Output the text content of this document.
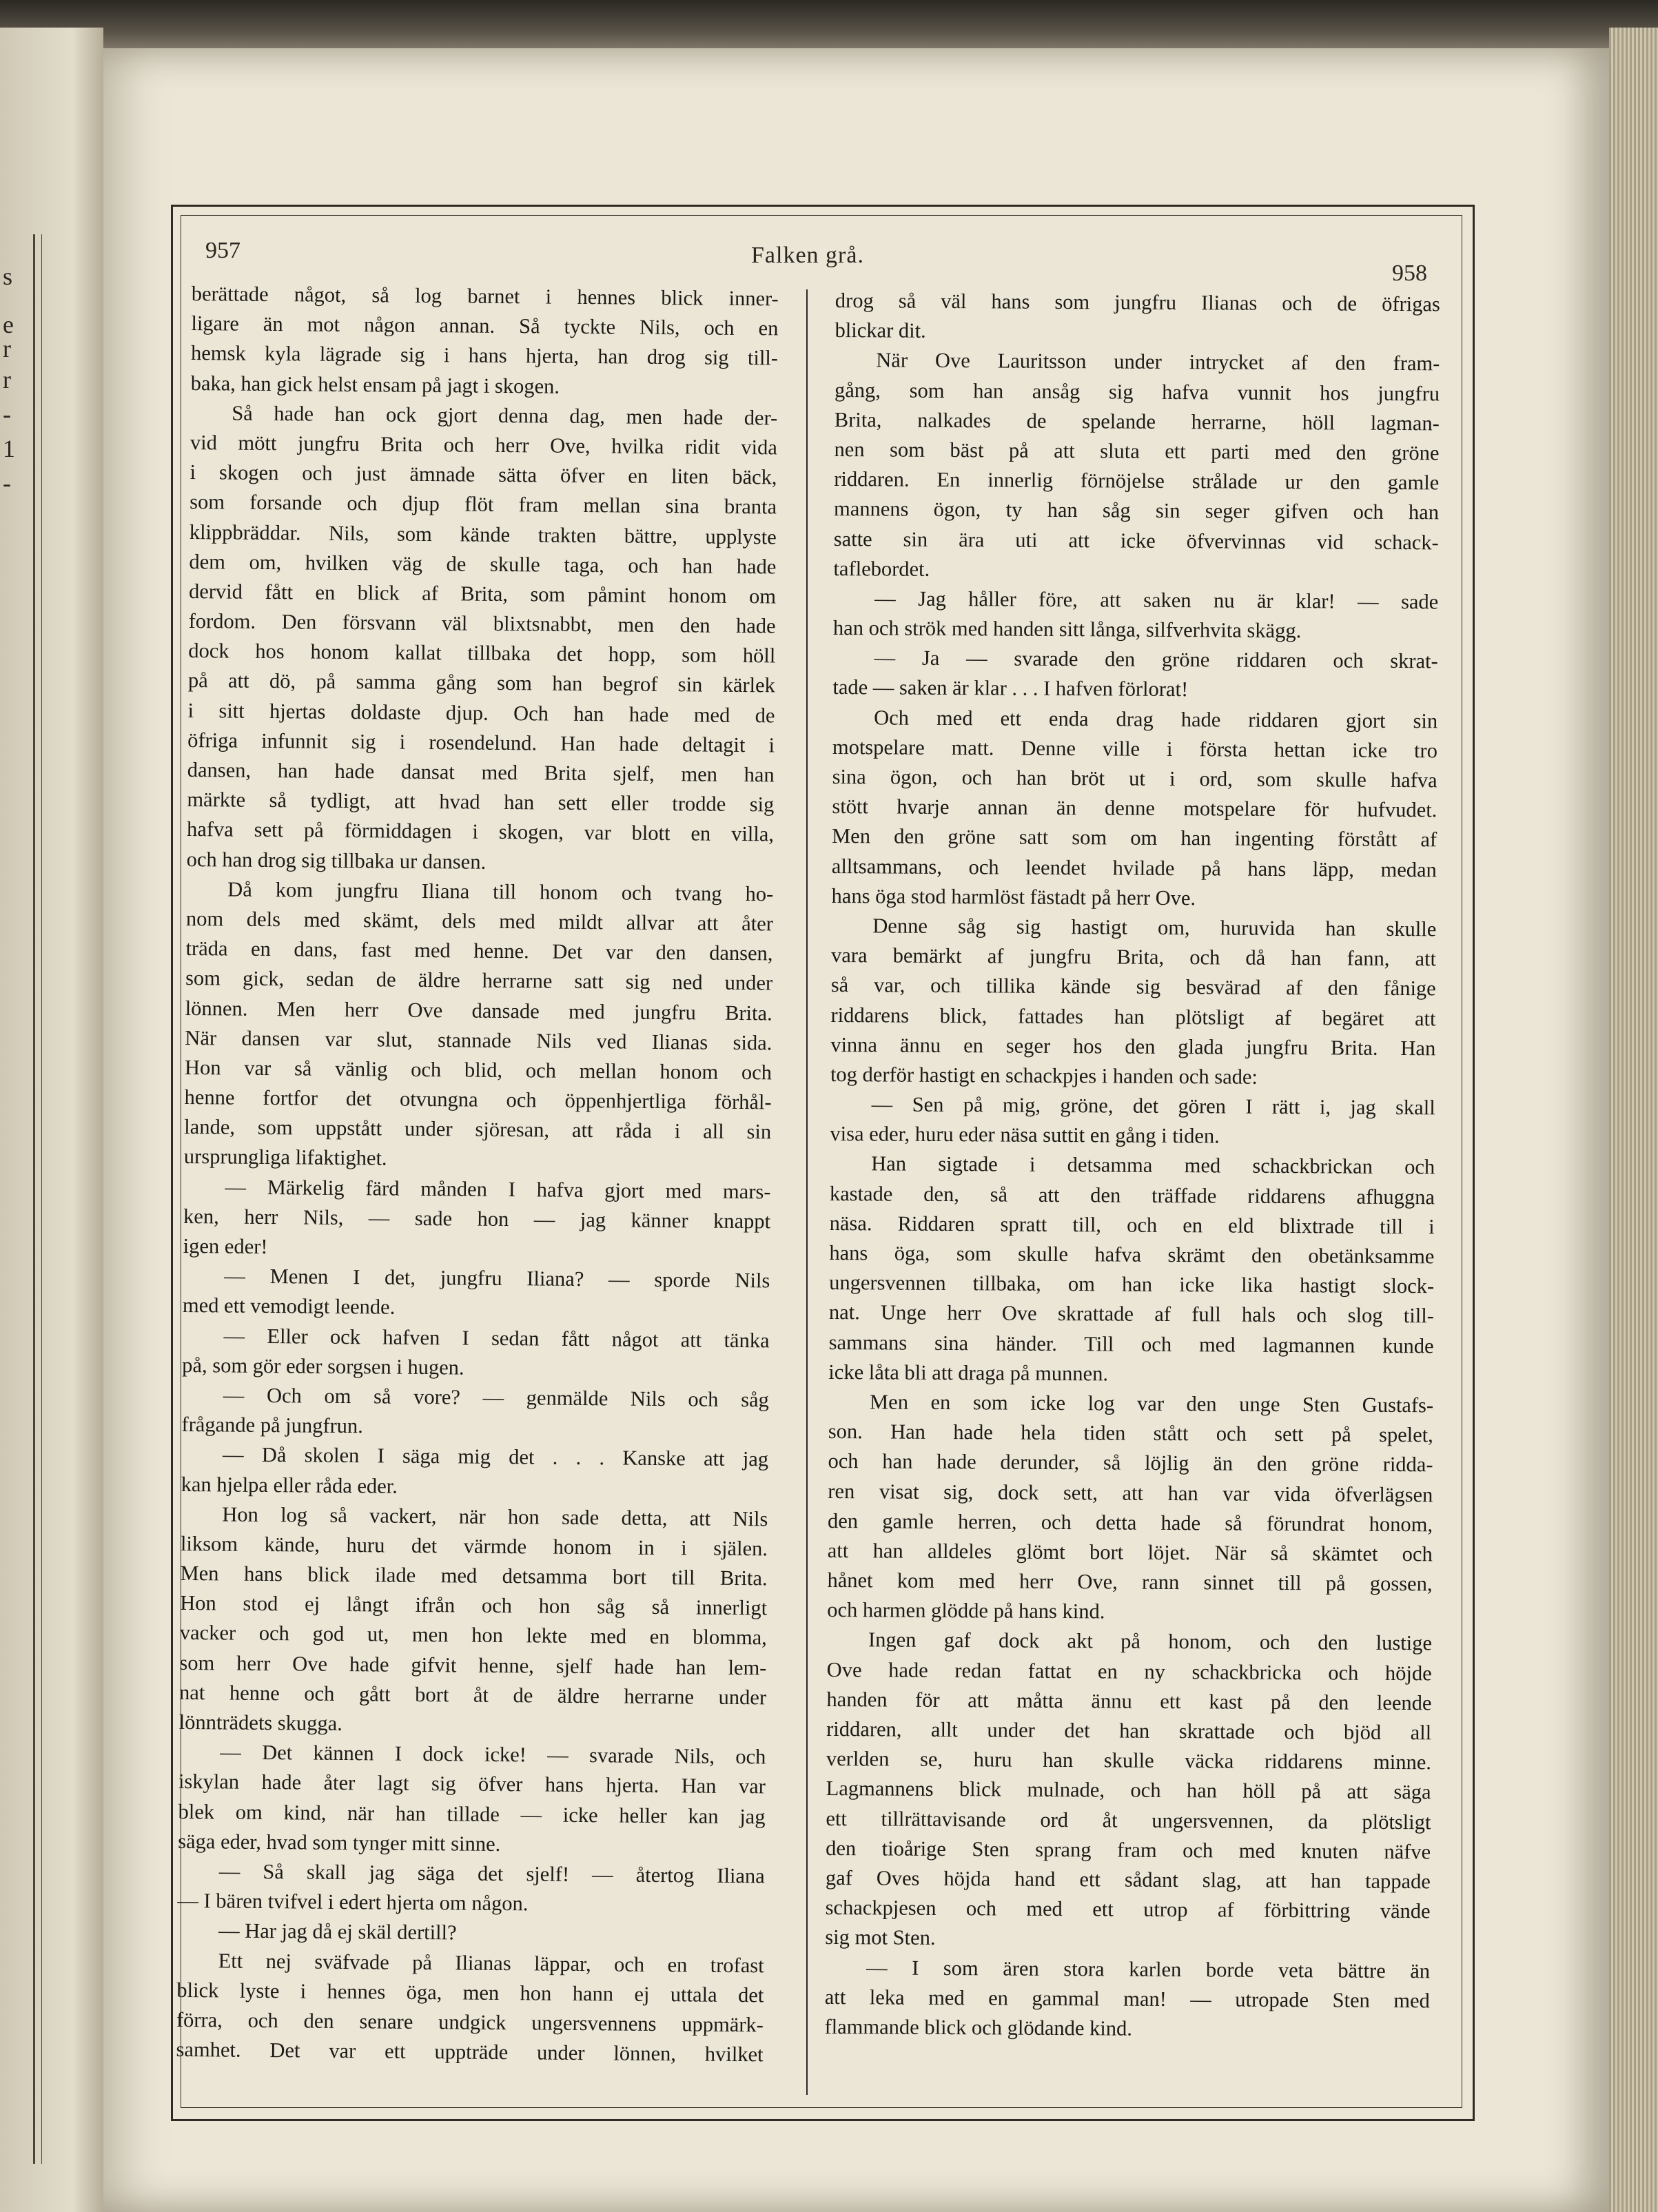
s
e
r
r
-
1
-
957	Falken grå.
958
berättade något, så log barnet i hennes blick inner-
ligare än mot någon annan. Så tyckte Nils, och en
hemsk kyla lägrade sig i hans hjerta, han drog sig till-
baka, han gick helst ensam på jagt i skogen.
Så hade han ock gjort denna dag, men hade der-
vid mött jungfru Brita och herr Ove, hvilka ridit vida
i skogen och just ämnade sätta öfver en liten bäck,
som forsande och djup flöt fram mellan sina branta
klippbräddar. Nils, som kände trakten bättre, upplyste
dem om, hvilken väg de skulle taga, och han hade
dervid fått en blick af Brita, som påmint honom om
fordom. Den försvann väl blixtsnabbt, men den hade
dock hos honom kallat tillbaka det hopp, som höll
på att dö, på samma gång som han begrof sin kärlek
i sitt hjertas doldaste djup. Och han hade med de
öfriga infunnit sig i rosendelund. Han hade deltagit i
dansen, han hade dansat med Brita sjelf, men han
märkte så tydligt, att hvad han sett eller trodde sig
hafva sett på förmiddagen i skogen, var blott en villa,
och han drog sig tillbaka ur dansen.
Då kom jungfru Iliana till honom och tvang ho-
nom dels med skämt, dels med mildt allvar att åter
träda en dans, fast med henne. Det var den dansen,
som gick, sedan de äldre herrarne satt sig ned under
lönnen. Men herr Ove dansade med jungfru Brita.
När dansen var slut, stannade Nils ved Ilianas sida.
Hon var så vänlig och blid, och mellan honom och
henne fortfor det otvungna och öppenhjertliga förhål-
lande, som uppstått under sjöresan, att råda i all sin
ursprungliga lifaktighet.
— Märkelig färd månden I hafva gjort med mars-
ken, herr Nils, — sade hon — jag känner knappt
igen eder!
— Menen I det, jungfru Iliana? — sporde Nils
med ett vemodigt leende.
— Eller ock hafven I sedan fått något att tänka
på, som gör eder sorgsen i hugen.
— Och om så vore? — genmälde Nils och såg
frågande på jungfrun.
— Då skolen I säga mig det . . . Kanske att jag
kan hjelpa eller råda eder.
Hon log så vackert, när hon sade detta, att Nils
liksom kände, huru det värmde honom in i själen.
Men hans blick ilade med detsamma bort till Brita.
Hon stod ej långt ifrån och hon såg så innerligt
vacker och god ut, men hon lekte med en blomma,
som herr Ove hade gifvit henne, sjelf hade han lem-
nat henne och gått bort åt de äldre herrarne under
lönnträdets skugga.
— Det kännen I dock icke! — svarade Nils, och
iskylan hade åter lagt sig öfver hans hjerta. Han var
blek om kind, när han tillade — icke heller kan jag
säga eder, hvad som tynger mitt sinne.
— Så skall jag säga det sjelf! — återtog Iliana
— I bären tvifvel i edert hjerta om någon.
— Har jag då ej skäl dertill?
Ett nej sväfvade på Ilianas läppar, och en trofast
blick lyste i hennes öga, men hon hann ej uttala det
förra, och den senare undgick ungersvennens uppmärk-
samhet. Det var ett uppträde under lönnen, hvilket
drog så väl hans som jungfru Ilianas och de öfrigas
blickar dit.
När Ove Lauritsson under intrycket af den fram-
gång, som han ansåg sig hafva vunnit hos jungfru
Brita, nalkades de spelande herrarne, höll lagman-
nen som bäst på att sluta ett parti med den gröne
riddaren. En innerlig förnöjelse strålade ur den gamle
mannens ögon, ty han såg sin seger gifven och han
satte sin ära uti att icke öfvervinnas vid schack-
taflebordet.
— Jag håller före, att saken nu är klar! — sade
han och strök med handen sitt långa, silfverhvita skägg.
— Ja — svarade den gröne riddaren och skrat-
tade — saken är klar . . . I hafven förlorat!
Och med ett enda drag hade riddaren gjort sin
motspelare matt. Denne ville i första hettan icke tro
sina ögon, och han bröt ut i ord, som skulle hafva
stött hvarje annan än denne motspelare för hufvudet.
Men den gröne satt som om han ingenting förstått af
alltsammans, och leendet hvilade på hans läpp, medan
hans öga stod harmlöst fästadt på herr Ove.
Denne såg sig hastigt om, huruvida han skulle
vara bemärkt af jungfru Brita, och då han fann, att
så var, och tillika kände sig besvärad af den fånige
riddarens blick, fattades han plötsligt af begäret att
vinna ännu en seger hos den glada jungfru Brita. Han
tog derför hastigt en schackpjes i handen och sade:
— Sen på mig, gröne, det gören I rätt i, jag skall
visa eder, huru eder näsa suttit en gång i tiden.
Han sigtade i detsamma med schackbrickan och
kastade den, så att den träffade riddarens afhuggna
näsa. Riddaren spratt till, och en eld blixtrade till i
hans öga, som skulle hafva skrämt den obetänksamme
ungersvennen tillbaka, om han icke lika hastigt slock-
nat. Unge herr Ove skrattade af full hals och slog till-
sammans sina händer. Till och med lagmannen kunde
icke låta bli att draga på munnen.
Men en som icke log var den unge Sten Gustafs-
son. Han hade hela tiden stått och sett på spelet,
och han hade derunder, så löjlig än den gröne ridda-
ren visat sig, dock sett, att han var vida öfverlägsen
den gamle herren, och detta hade så förundrat honom,
att han alldeles glömt bort löjet. När så skämtet och
hånet kom med herr Ove, rann sinnet till på gossen,
och harmen glödde på hans kind.
Ingen gaf dock akt på honom, och den lustige
Ove hade redan fattat en ny schackbricka och höjde
handen för att måtta ännu ett kast på den leende
riddaren, allt under det han skrattade och bjöd all
verlden se, huru han skulle väcka riddarens minne.
Lagmannens blick mulnade, och han höll på att säga
ett tillrättavisande ord åt ungersvennen, da plötsligt
den tioårige Sten sprang fram och med knuten näfve
gaf Oves höjda hand ett sådant slag, att han tappade
schackpjesen och med ett utrop af förbittring vände
sig mot Sten.
— I som ären stora karlen borde veta bättre än
att leka med en gammal man! — utropade Sten med
flammande blick och glödande kind.
